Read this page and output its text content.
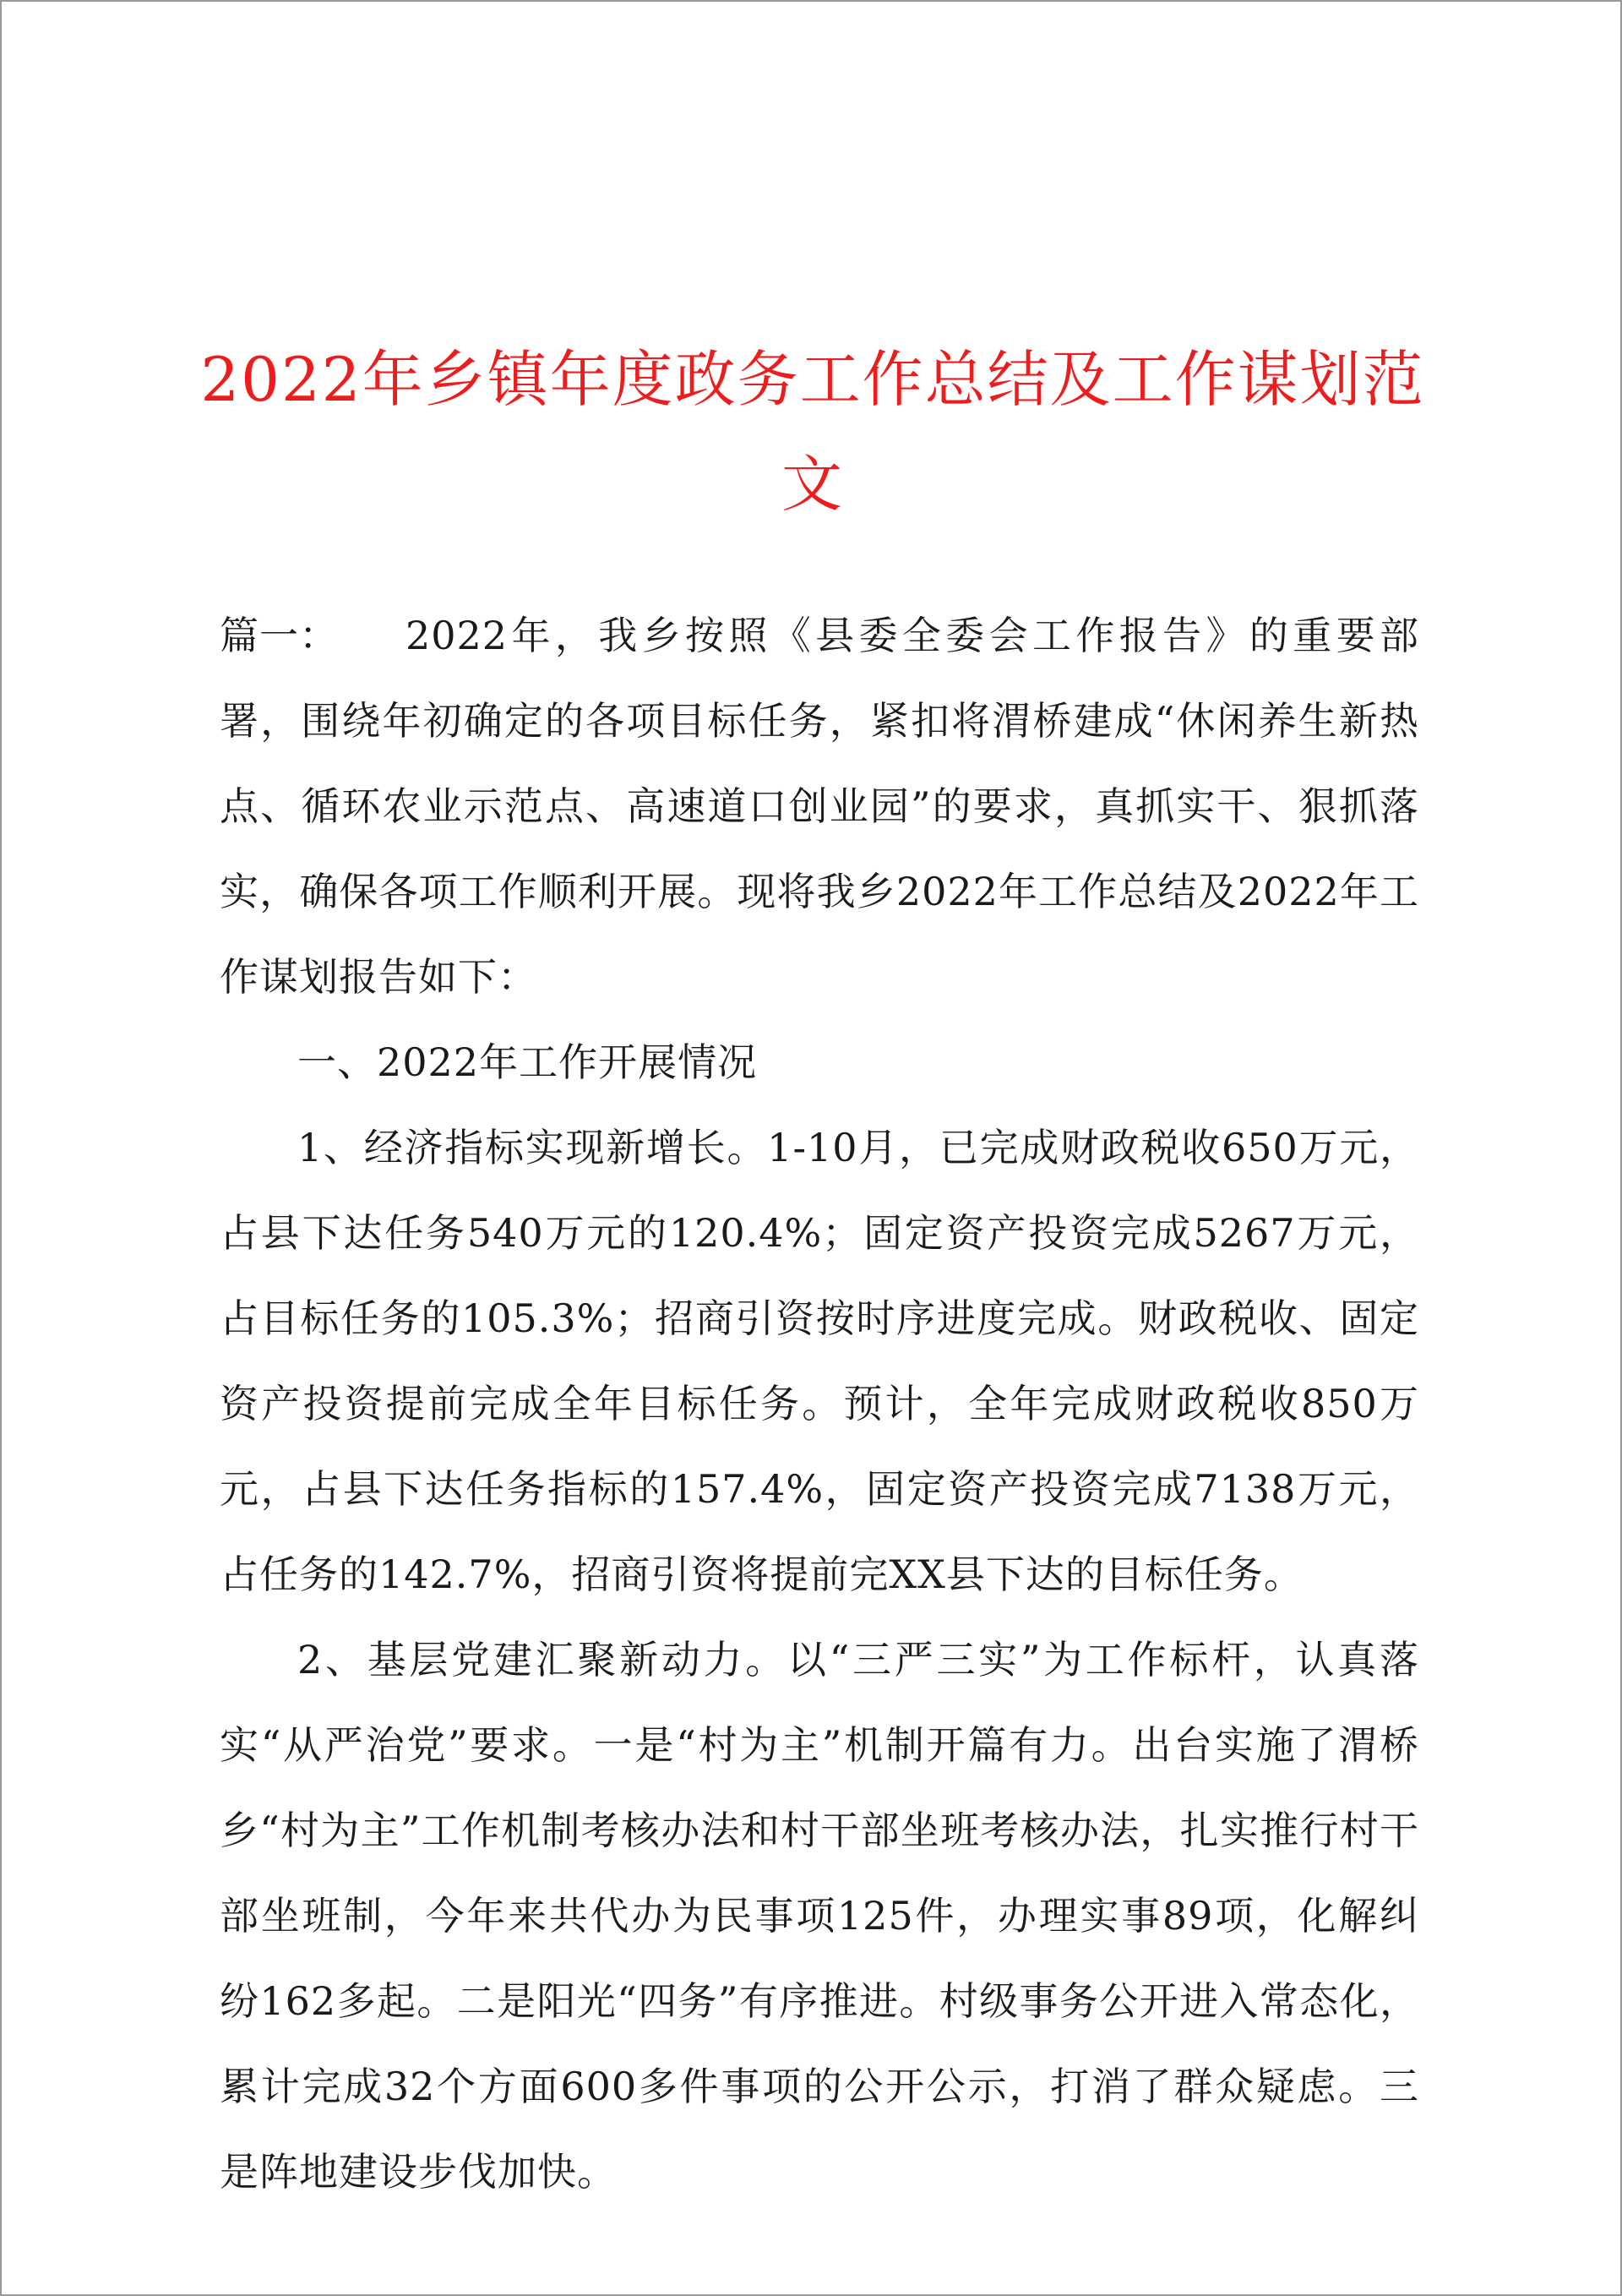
2022年乡镇年度政务工作总结及工作谋划范文

篇一： 2022年，我乡按照《县委全委会工作报告》的重要部署，围绕年初确定的各项目标任务，紧扣将渭桥建成“休闲养生新热点、循环农业示范点、高速道口创业园”的要求，真抓实干、狠抓落实，确保各项工作顺利开展。现将我乡2022年工作总结及2022年工作谋划报告如下：

一、2022年工作开展情况

1、经济指标实现新增长。1-10月，已完成财政税收650万元，占县下达任务540万元的120.4%；固定资产投资完成5267万元，占目标任务的105.3%；招商引资按时序进度完成。财政税收、固定资产投资提前完成全年目标任务。预计，全年完成财政税收850万元，占县下达任务指标的157.4%，固定资产投资完成7138万元，占任务的142.7%，招商引资将提前完XX县下达的目标任务。

2、基层党建汇聚新动力。以“三严三实”为工作标杆，认真落实“从严治党”要求。一是“村为主”机制开篇有力。出台实施了渭桥乡“村为主”工作机制考核办法和村干部坐班考核办法，扎实推行村干部坐班制，今年来共代办为民事项125件，办理实事89项，化解纠纷162多起。二是阳光“四务”有序推进。村级事务公开进入常态化，累计完成32个方面600多件事项的公开公示，打消了群众疑虑。三是阵地建设步伐加快。
